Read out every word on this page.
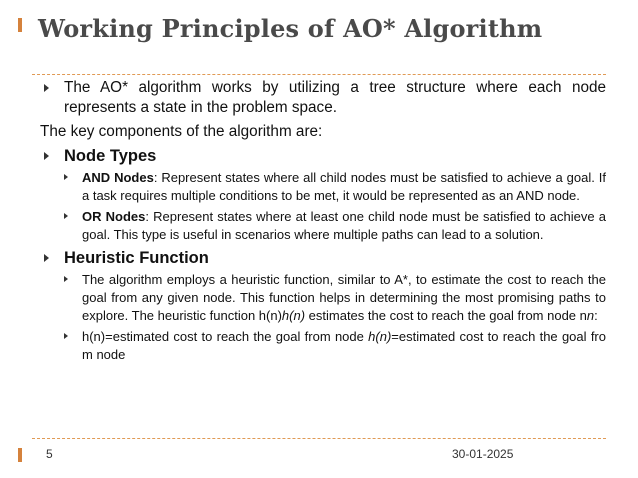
Working Principles of AO* Algorithm
The AO* algorithm works by utilizing a tree structure where each node represents a state in the problem space.
The key components of the algorithm are:
Node Types
AND Nodes: Represent states where all child nodes must be satisfied to achieve a goal. If a task requires multiple conditions to be met, it would be represented as an AND node.
OR Nodes: Represent states where at least one child node must be satisfied to achieve a goal. This type is useful in scenarios where multiple paths can lead to a solution.
Heuristic Function
The algorithm employs a heuristic function, similar to A*, to estimate the cost to reach the goal from any given node. This function helps in determining the most promising paths to explore. The heuristic function h(n)h(n) estimates the cost to reach the goal from node nn:
h(n)=estimated cost to reach the goal from node h(n)=estimated cost to reach the goal fro m node
5	30-01-2025
